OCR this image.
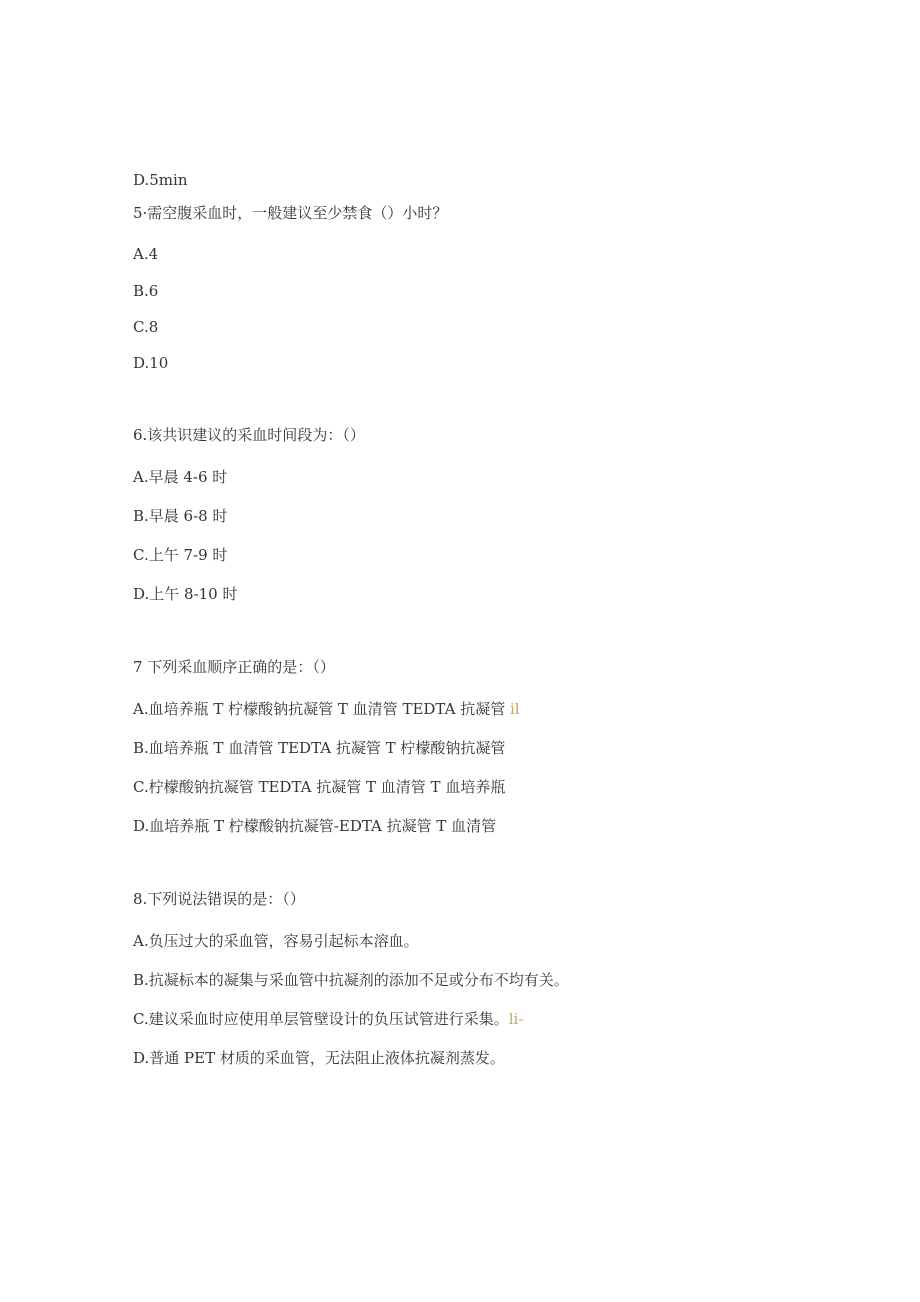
D.5min
5·需空腹采血时，一般建议至少禁食（）小时？
A.4
B.6
C.8
D.10
6.该共识建议的采血时间段为：（）
A.早晨 4-6 时
B.早晨 6-8 时
C.上午 7-9 时
D.上午 8-10 时
7 下列采血顺序正确的是：（）
A.血培养瓶 T 柠檬酸钠抗凝管 T 血清管 TEDTA 抗凝管 il
B.血培养瓶 T 血清管 TEDTA 抗凝管 T 柠檬酸钠抗凝管
C.柠檬酸钠抗凝管 TEDTA 抗凝管 T 血清管 T 血培养瓶
D.血培养瓶 T 柠檬酸钠抗凝管-EDTA 抗凝管 T 血清管
8.下列说法错误的是：（）
A.负压过大的采血管，容易引起标本溶血。
B.抗凝标本的凝集与采血管中抗凝剂的添加不足或分布不均有关。
C.建议采血时应使用单层管壁设计的负压试管进行采集。li-
D.普通 PET 材质的采血管，无法阻止液体抗凝剂蒸发。
